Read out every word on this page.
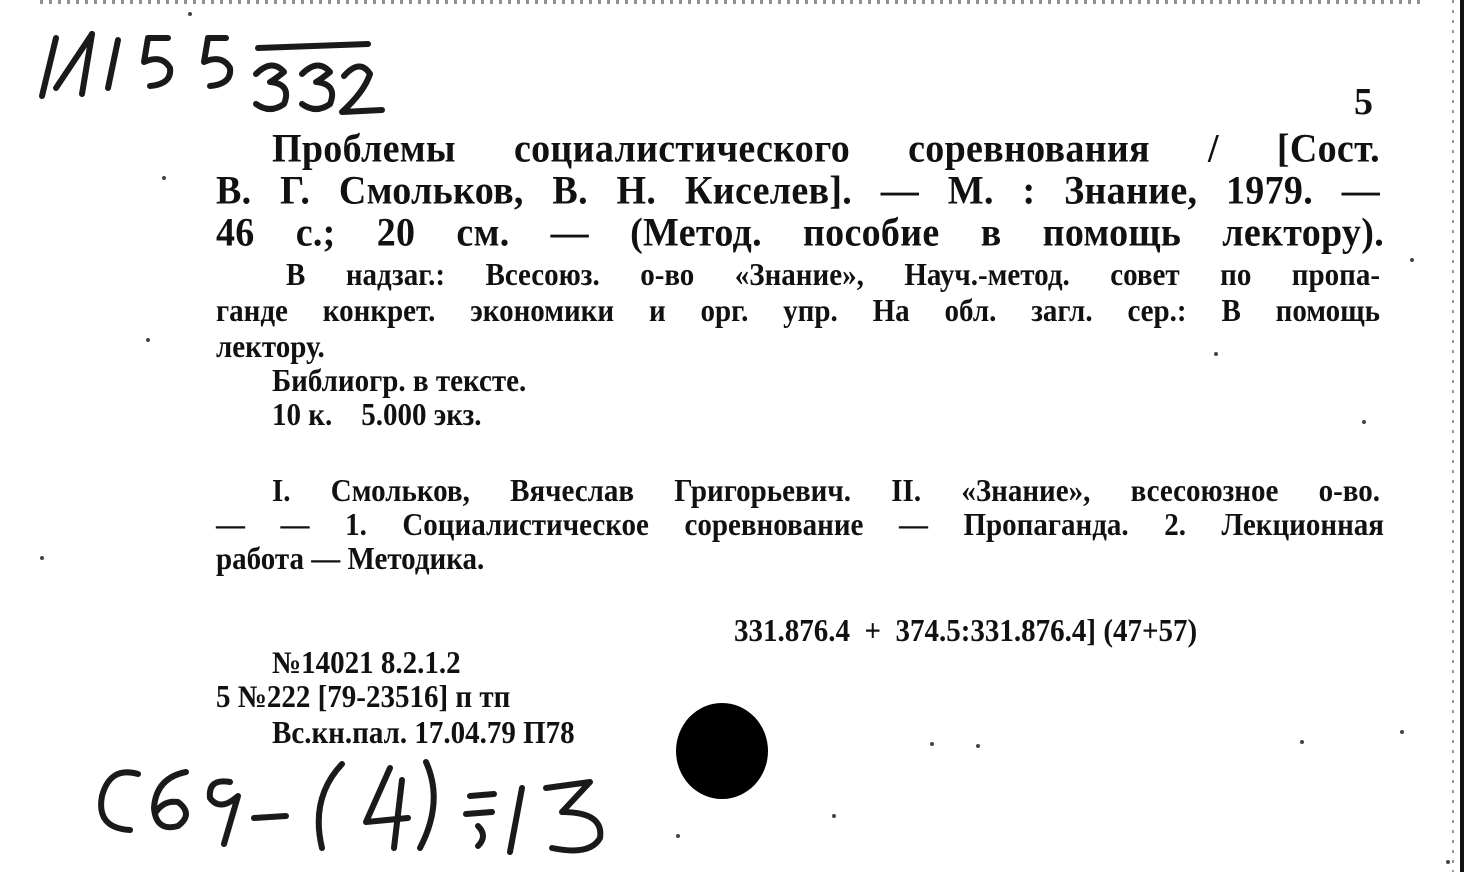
5
Проблемы социалистического соревнования / [Сост.
В. Г. Смольков, В. Н. Киселев]. — М. : Знание, 1979. —
46 с.; 20 см. — (Метод. пособие в помощь лектору).
В надзаг.: Всесоюз. о-во «Знание», Науч.-метод. совет по пропа-
ганде конкрет. экономики и орг. упр. На обл. загл. сер.: В помощь
лектору.
Библиогр. в тексте.
10 к.    5.000 экз.
I. Смольков, Вячеслав Григорьевич. II. «Знание», всесоюзное о-во.
— — 1. Социалистическое соревнование — Пропаганда. 2. Лекционная
работа — Методика.
331.876.4  +  374.5:331.876.4] (47+57)
№14021 8.2.1.2
5 №222 [79-23516] п тп
Вс.кн.пал. 17.04.79 П78
